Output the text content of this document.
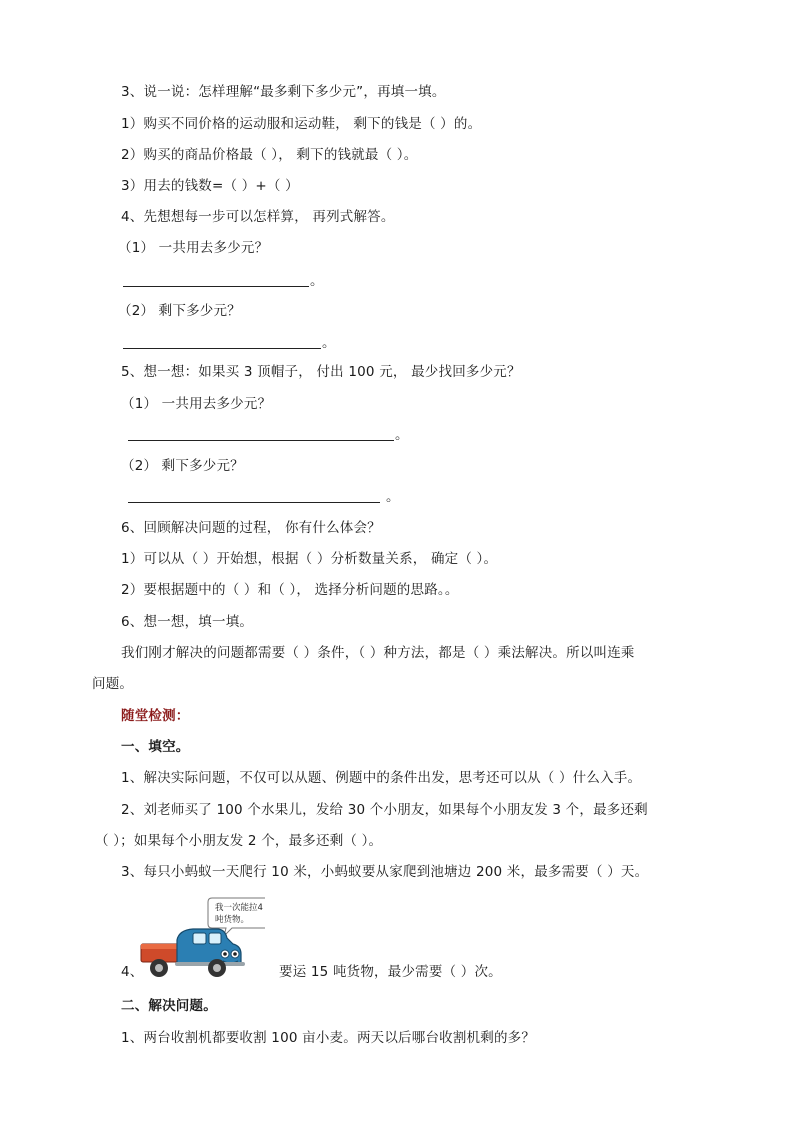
3、说一说：怎样理解“最多剩下多少元”，再填一填。
1）购买不同价格的运动服和运动鞋， 剩下的钱是（ ）的。
2）购买的商品价格最（ ）， 剩下的钱就最（ ）。
3）用去的钱数=（ ）+（ ）
4、先想想每一步可以怎样算， 再列式解答。
（1） 一共用去多少元？
。
（2） 剩下多少元？
。
5、想一想：如果买 3 顶帽子， 付出 100 元， 最少找回多少元？
（1） 一共用去多少元？
。
（2） 剩下多少元？
。
6、回顾解决问题的过程， 你有什么体会？
1）可以从（ ）开始想，根据（ ）分析数量关系， 确定（ ）。
2）要根据题中的（ ）和（ ）， 选择分析问题的思路。。
6、想一想，填一填。
我们刚才解决的问题都需要（ ）条件，（ ）种方法，都是（ ）乘法解决。所以叫连乘
问题。
随堂检测：
一、填空。
1、解决实际问题，不仅可以从题、例题中的条件出发，思考还可以从（ ）什么入手。
2、刘老师买了 100 个水果儿，发给 30 个小朋友，如果每个小朋友发 3 个，最多还剩
（ ）；如果每个小朋友发 2 个，最多还剩（ ）。
3、每只小蚂蚁一天爬行 10 米，小蚂蚁要从家爬到池塘边 200 米，最多需要（ ）天。
我一次能拉4
吨货物。
4、	要运 15 吨货物，最少需要（ ）次。
二、解决问题。
1、两台收割机都要收割 100 亩小麦。两天以后哪台收割机剩的多？
